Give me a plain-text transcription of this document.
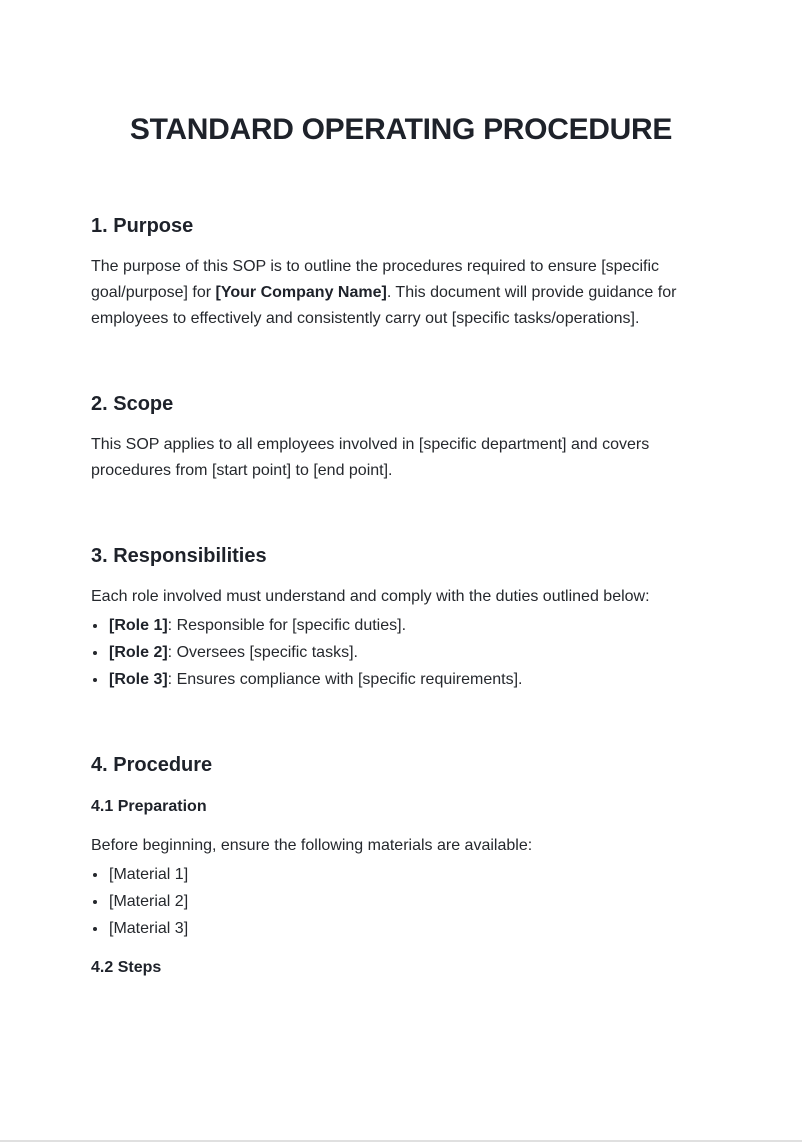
STANDARD OPERATING PROCEDURE
1. Purpose

The purpose of this SOP is to outline the procedures required to ensure [specific goal/purpose] for [Your Company Name]. This document will provide guidance for employees to effectively and consistently carry out [specific tasks/operations].

2. Scope

This SOP applies to all employees involved in [specific department] and covers procedures from [start point] to [end point].

3. Responsibilities

Each role involved must understand and comply with the duties outlined below:

• [Role 1]: Responsible for [specific duties].
• [Role 2]: Oversees [specific tasks].
• [Role 3]: Ensures compliance with [specific requirements].
4. Procedure
4.1 Preparation

Before beginning, ensure the following materials are available:

• [Material 1]
• [Material 2]
• [Material 3]
4.2 Steps
